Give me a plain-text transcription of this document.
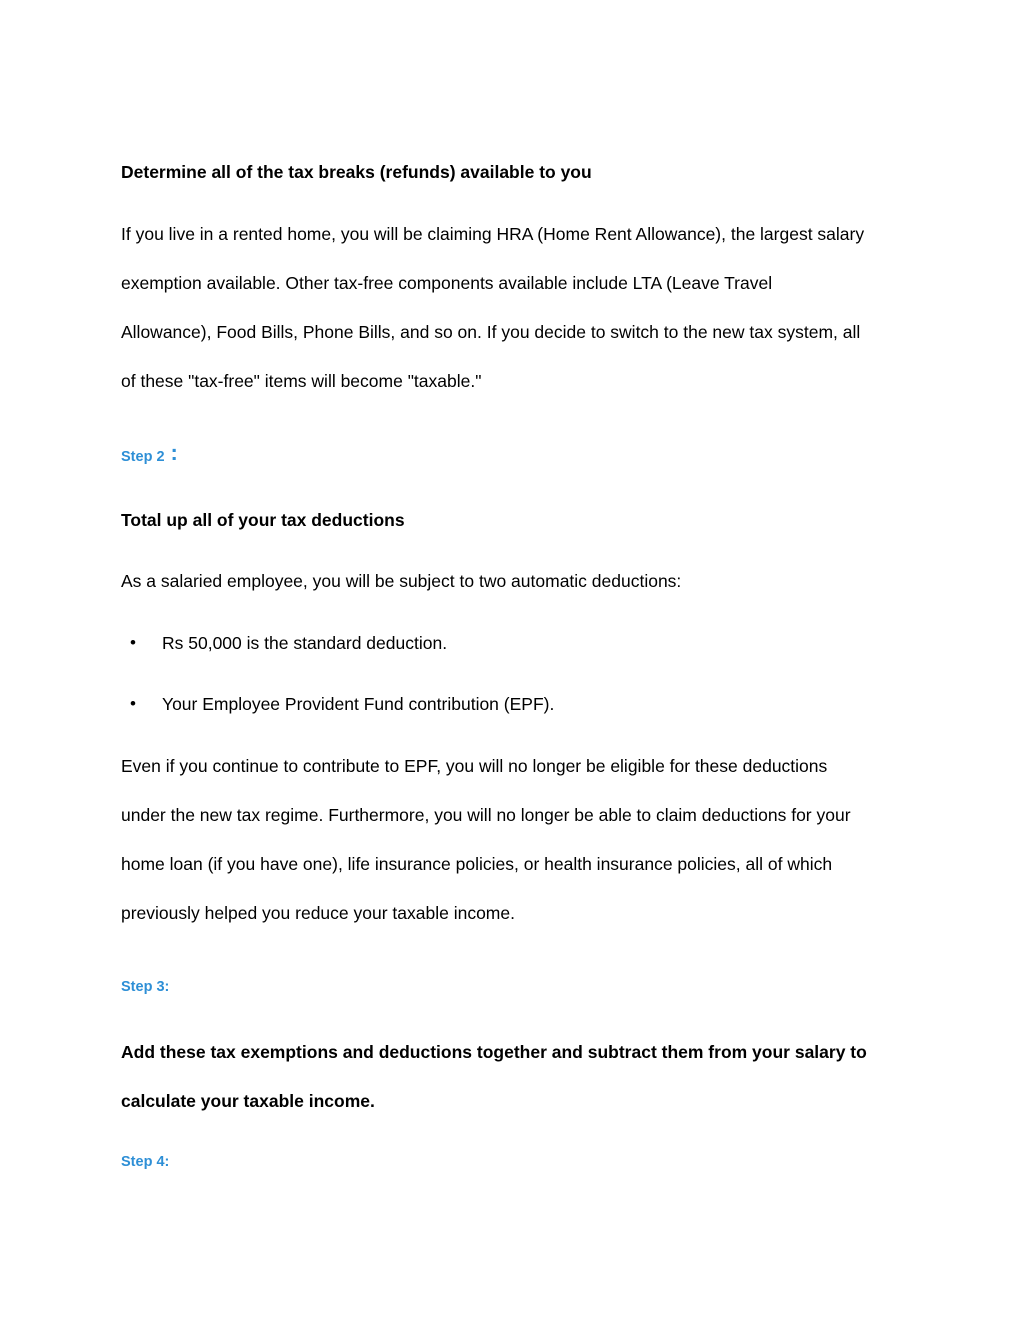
Determine all of the tax breaks (refunds) available to you
If you live in a rented home, you will be claiming HRA (Home Rent Allowance), the largest salary
exemption available. Other tax-free components available include LTA (Leave Travel
Allowance), Food Bills, Phone Bills, and so on. If you decide to switch to the new tax system, all
of these "tax-free" items will become "taxable."
Step 2 :
Total up all of your tax deductions
As a salaried employee, you will be subject to two automatic deductions:
• Rs 50,000 is the standard deduction.
• Your Employee Provident Fund contribution (EPF).
Even if you continue to contribute to EPF, you will no longer be eligible for these deductions
under the new tax regime. Furthermore, you will no longer be able to claim deductions for your
home loan (if you have one), life insurance policies, or health insurance policies, all of which
previously helped you reduce your taxable income.
Step 3:
Add these tax exemptions and deductions together and subtract them from your salary to
calculate your taxable income.
Step 4:
